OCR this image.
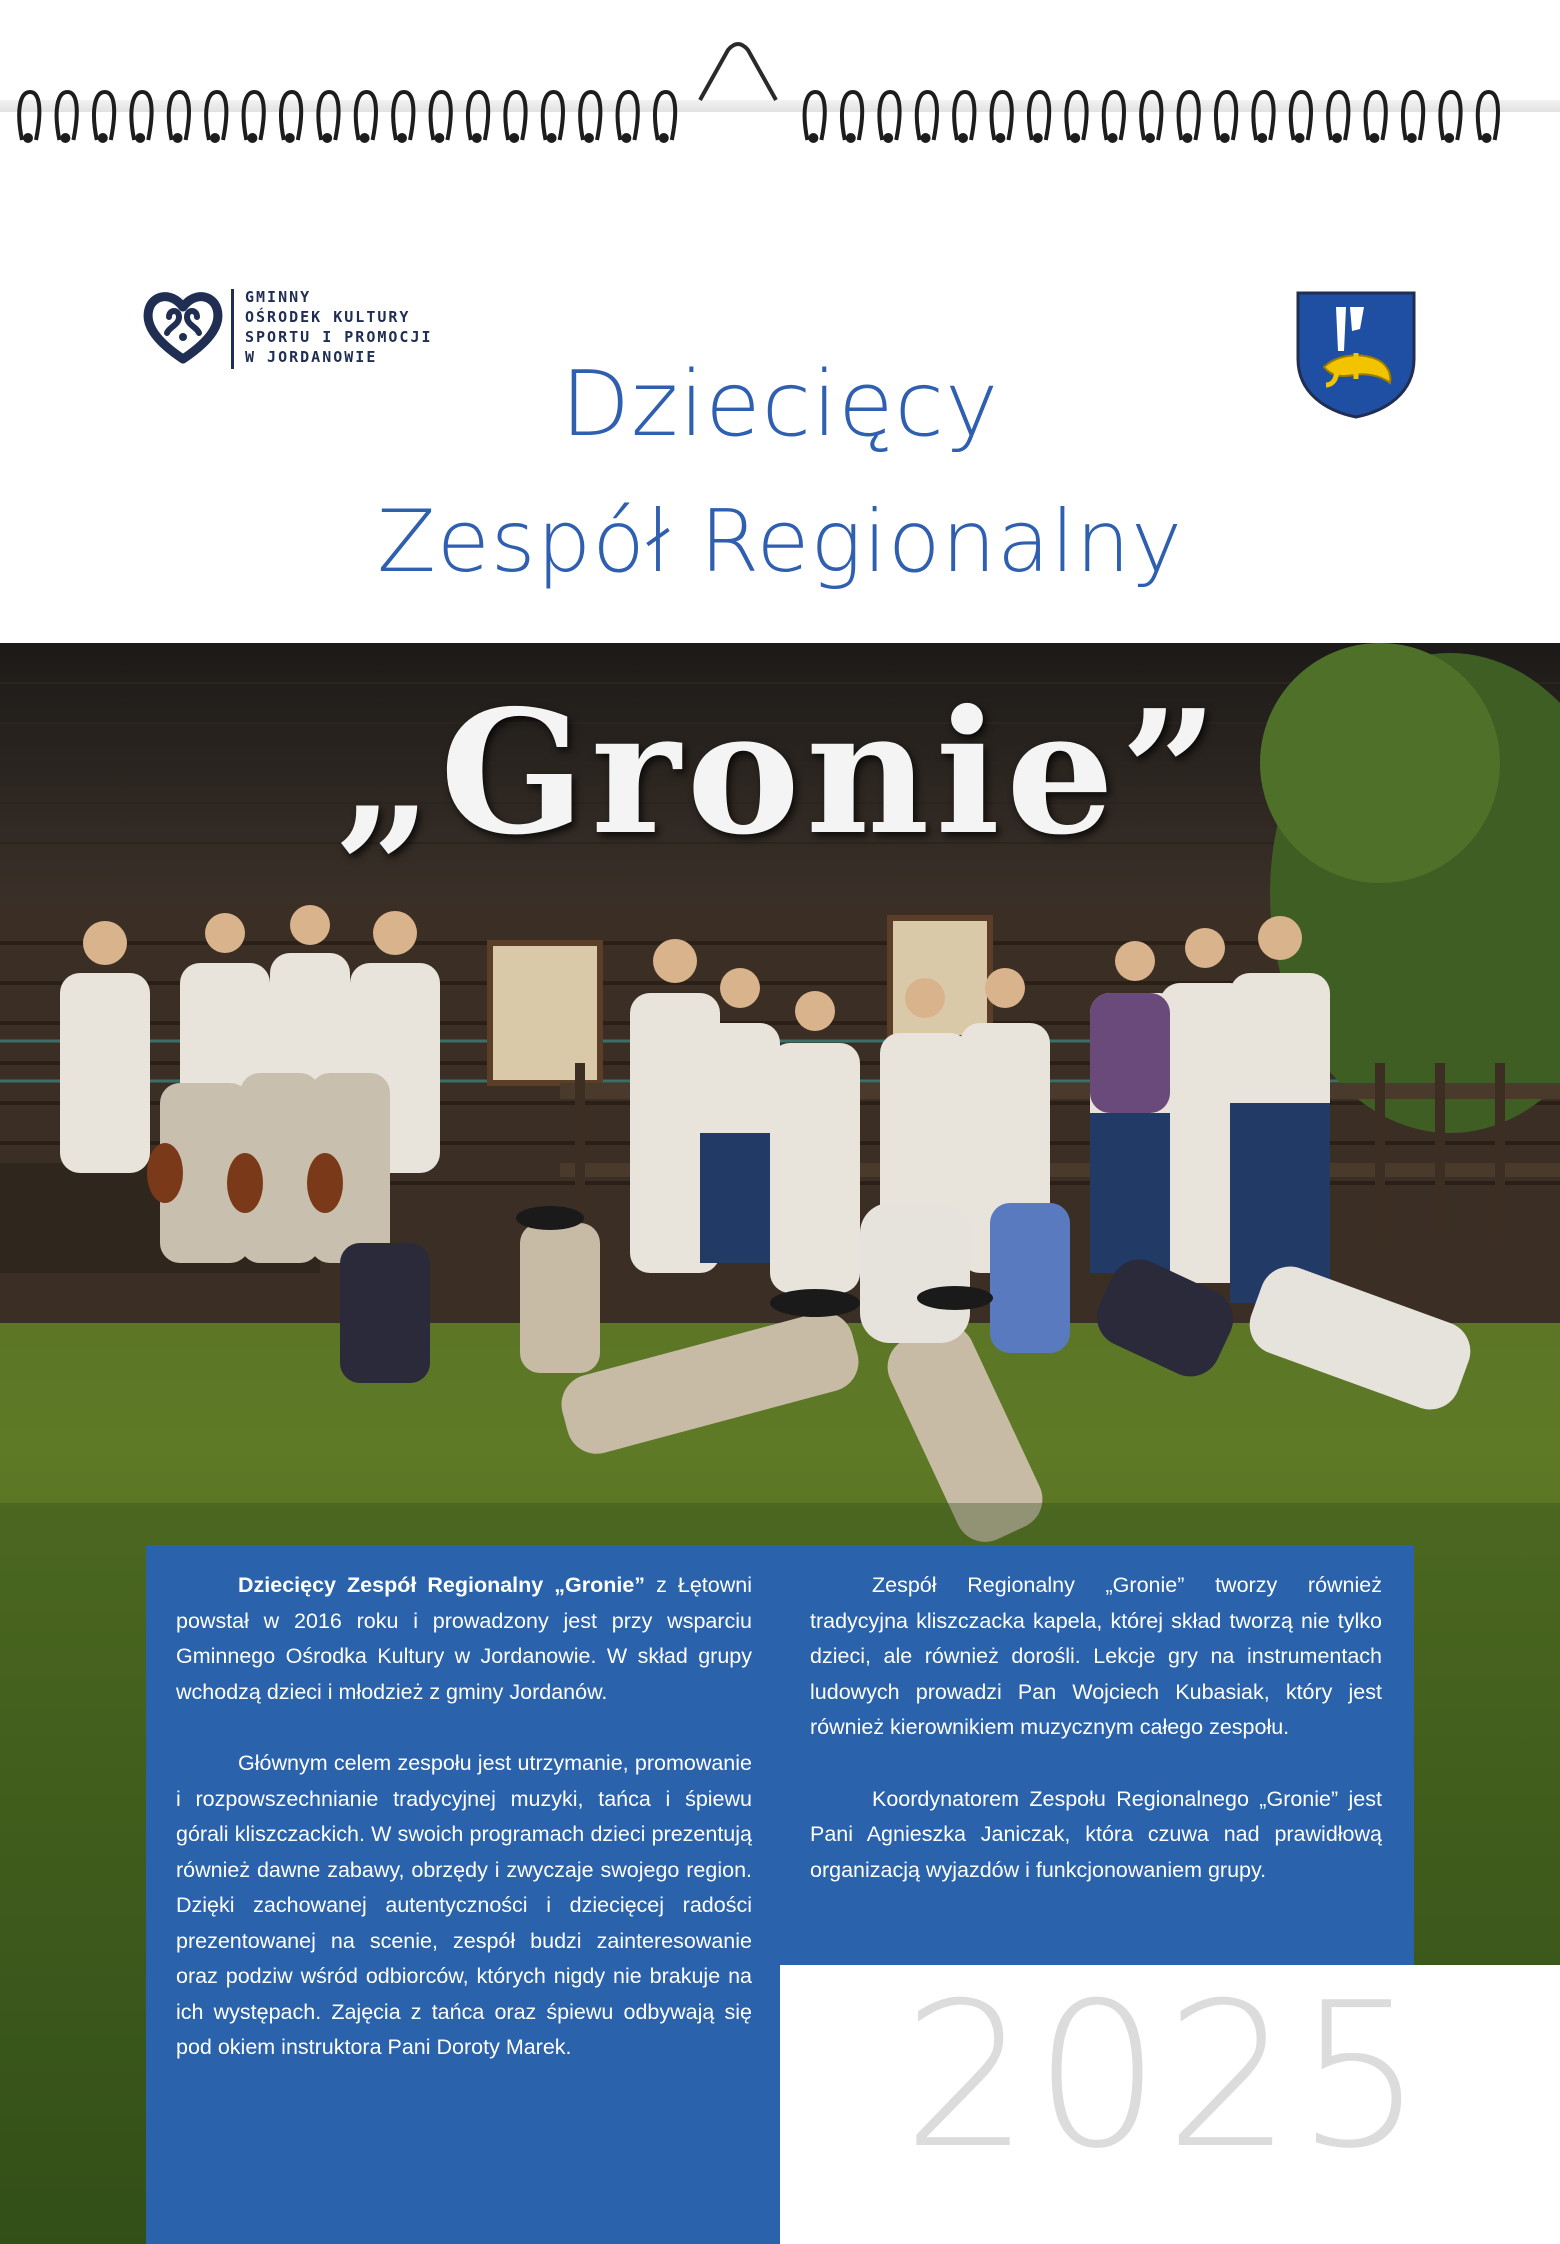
GMINNY
OŚRODEK KULTURY
SPORTU I PROMOCJI
W JORDANOWIE	Dziecięcy
Zespół Regionalny
„Gronie”

Dziecięcy Zespół Regionalny „Gronie” z Łętowni powstał w 2016 roku i prowadzony jest przy wsparciu Gminnego Ośrodka Kultury w Jordanowie. W skład grupy wchodzą dzieci i młodzież z gminy Jordanów.

Głównym celem zespołu jest utrzymanie, promowanie i rozpowszechnianie tradycyjnej muzyki, tańca i śpiewu górali kliszczackich. W swoich programach dzieci prezentują również dawne zabawy, obrzędy i zwyczaje swojego region. Dzięki zachowanej autentyczności i dziecięcej radości prezentowanej na scenie, zespół budzi zainteresowanie oraz podziw wśród odbiorców, których nigdy nie brakuje na ich występach. Zajęcia z tańca oraz śpiewu odbywają się pod okiem instruktora Pani Doroty Marek.

Zespół Regionalny „Gronie” tworzy również tradycyjna kliszczacka kapela, której skład tworzą nie tylko dzieci, ale również dorośli. Lekcje gry na instrumentach ludowych prowadzi Pan Wojciech Kubasiak, który jest również kierownikiem muzycznym całego zespołu.

Koordynatorem Zespołu Regionalnego „Gronie” jest Pani Agnieszka Janiczak, która czuwa nad prawidłową organizacją wyjazdów i funkcjonowaniem grupy.

2025
